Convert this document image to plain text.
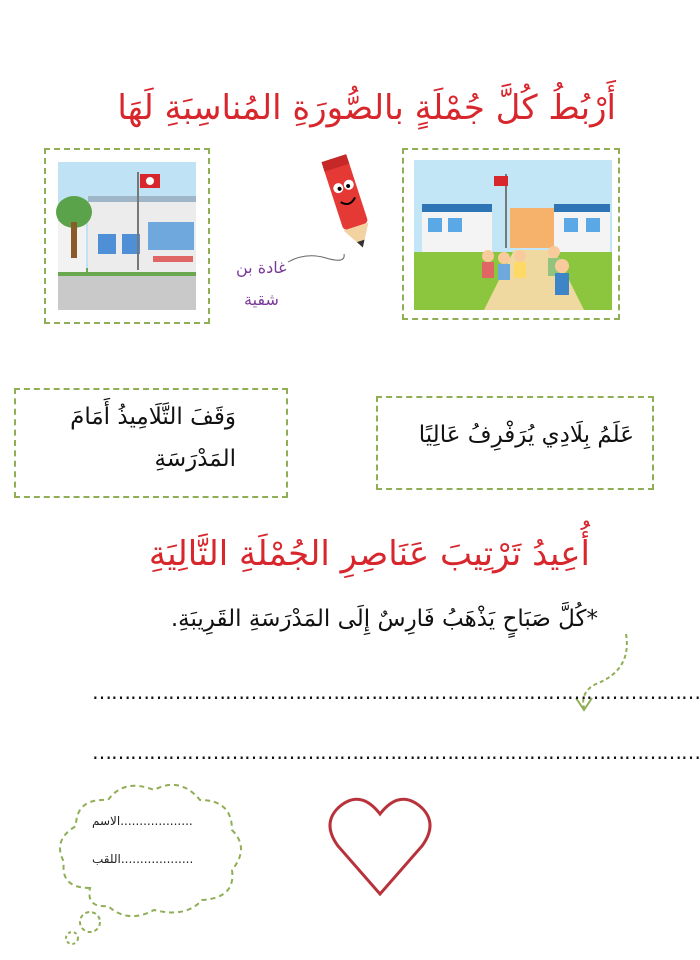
أَرْبُطُ كُلَّ جُمْلَةٍ بالصُّورَةِ المُناسِبَةِ لَهَا
غادة بن
شقية
وَقَفَ التَّلَامِيذُ أَمَامَ
المَدْرَسَةِ
عَلَمُ بِلَادِي يُرَفْرِفُ عَالِيًا
أُعِيدُ تَرْتِيبَ عَنَاصِرِ الجُمْلَةِ التَّالِيَةِ
*كُلَّ صَبَاحٍ يَذْهَبُ فَارِسٌ إِلَى المَدْرَسَةِ القَرِيبَةِ.
……………………………………………………………………………………
……………………………………………………………………………………
...................الاسم
...................اللقب
